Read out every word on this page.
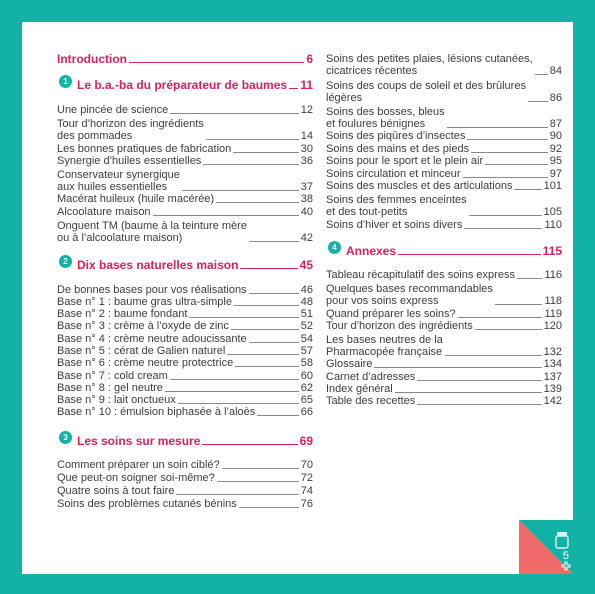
Introduction	6
1 Le b.a.-ba du préparateur de baumes 11
Une pincée de science	12
Tour d’horizon des ingrédients
des pommades	14
Les bonnes pratiques de fabrication	30
Synergie d’huiles essentielles	36
Conservateur synergique
aux huiles essentielles	37
Macérat huileux (huile macérée)	38
Alcoolature maison	40
Onguent TM (baume à la teinture mère
ou à l’alcoolature maison)	42
2 Dix bases naturelles maison	45
De bonnes bases pour vos réalisations	46
Base n° 1 : baume gras ultra-simple	48
Base n° 2 : baume fondant	51
Base n° 3 : crème à l’oxyde de zinc	52
Base n° 4 : crème neutre adoucissante	54
Base n° 5 : cérat de Galien naturel	57
Base n° 6 : crème neutre protectrice	58
Base n° 7 : cold cream	60
Base n° 8 : gel neutre	62
Base n° 9 : lait onctueux	65
Base n° 10 : émulsion biphasée à l’aloès	66
3 Les soins sur mesure	69
Comment préparer un soin ciblé?	70
Que peut-on soigner soi-même?	72
Quatre soins à tout faire	74
Soins des problèmes cutanés bénins	76
Soins des petites plaies, lésions cutanées,
cicatrices récentes	84
Soins des coups de soleil et des brûlures
légères	86
Soins des bosses, bleus
et foulures bénignes	87
Soins des piqûres d’insectes	90
Soins des mains et des pieds	92
Soins pour le sport et le plein air	95
Soins circulation et minceur	97
Soins des muscles et des articulations	101
Soins des femmes enceintes
et des tout-petits	105
Soins d’hiver et soins divers	110
4 Annexes	115
Tableau récapitulatif des soins express	116
Quelques bases recommandables
pour vos soins express	118
Quand préparer les soins?	119
Tour d’horizon des ingrédients	120
Les bases neutres de la
Pharmacopée française	132
Glossaire	134
Carnet d’adresses	137
Index général	139
Table des recettes	142
5
